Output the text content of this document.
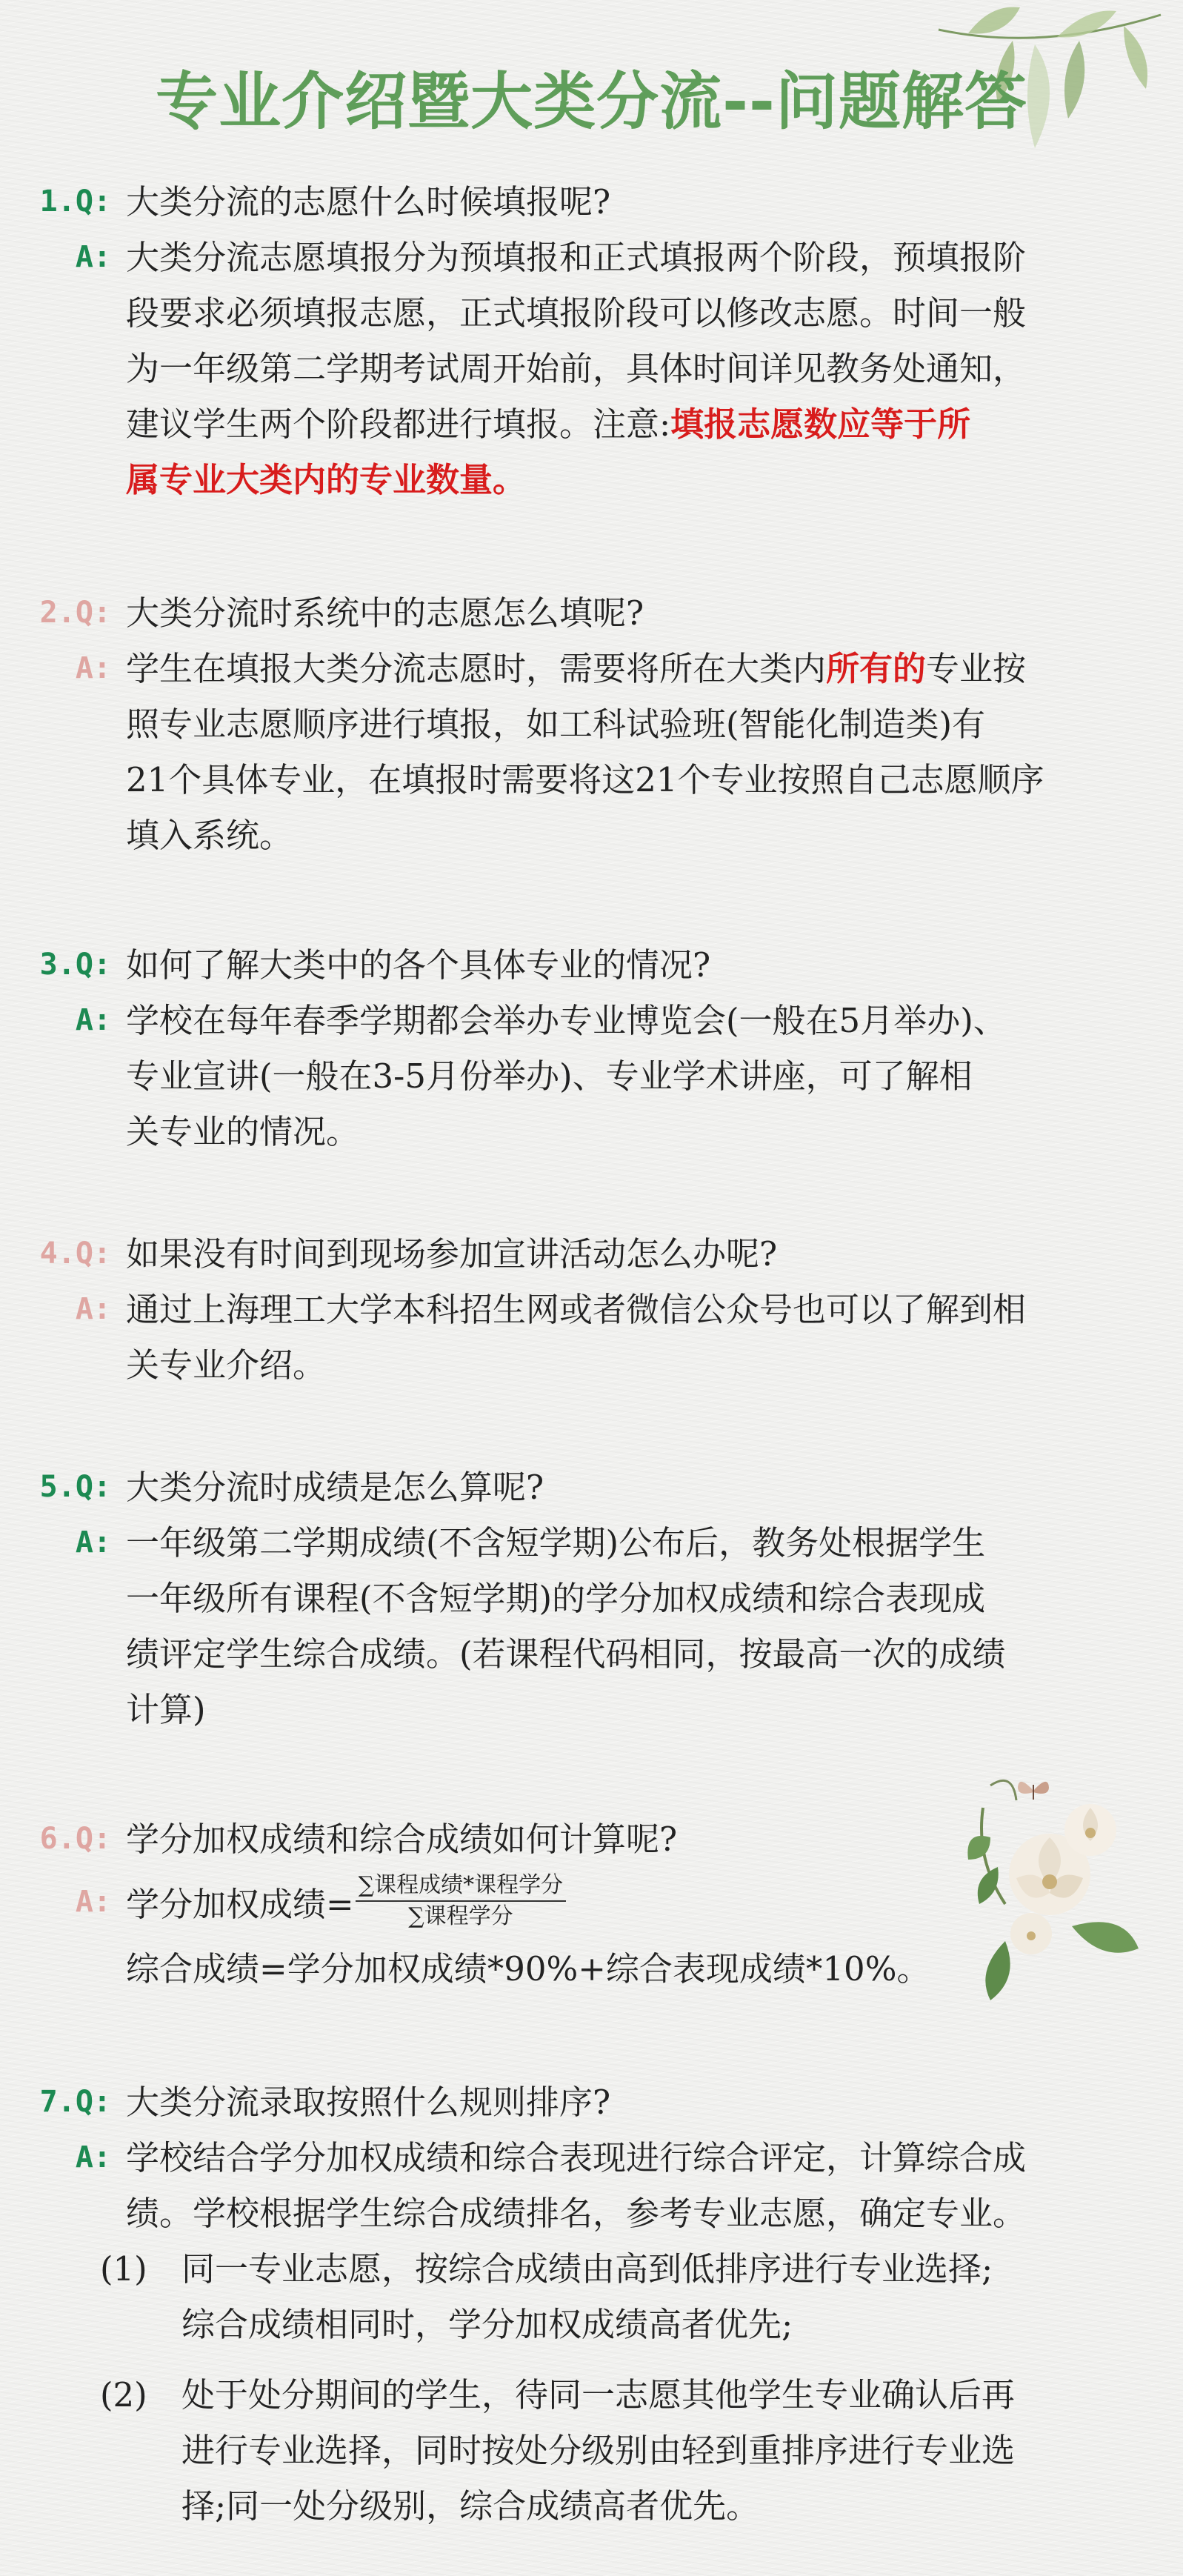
专业介绍暨大类分流--问题解答
1.Q: 大类分流的志愿什么时候填报呢?
A: 大类分流志愿填报分为预填报和正式填报两个阶段，预填报阶
段要求必须填报志愿，正式填报阶段可以修改志愿。时间一般
为一年级第二学期考试周开始前，具体时间详见教务处通知，
建议学生两个阶段都进行填报。注意:填报志愿数应等于所
属专业大类内的专业数量。
2.Q: 大类分流时系统中的志愿怎么填呢?
A: 学生在填报大类分流志愿时，需要将所在大类内所有的专业按
照专业志愿顺序进行填报，如工科试验班(智能化制造类)有
21个具体专业，在填报时需要将这21个专业按照自己志愿顺序
填入系统。
3.Q: 如何了解大类中的各个具体专业的情况?
A: 学校在每年春季学期都会举办专业博览会(一般在5月举办)、
专业宣讲(一般在3-5月份举办)、专业学术讲座，可了解相
关专业的情况。
4.Q: 如果没有时间到现场参加宣讲活动怎么办呢?
A: 通过上海理工大学本科招生网或者微信公众号也可以了解到相
关专业介绍。
5.Q: 大类分流时成绩是怎么算呢?
A: 一年级第二学期成绩(不含短学期)公布后，教务处根据学生
一年级所有课程(不含短学期)的学分加权成绩和综合表现成
绩评定学生综合成绩。(若课程代码相同，按最高一次的成绩
计算)
6.Q: 学分加权成绩和综合成绩如何计算呢?
A: 学分加权成绩= $\frac{\text{∑课程成绩*课程学分}}{\text{∑课程学分}}$
综合成绩=学分加权成绩*90%+综合表现成绩*10%。
7.Q: 大类分流录取按照什么规则排序?
A: 学校结合学分加权成绩和综合表现进行综合评定，计算综合成
绩。学校根据学生综合成绩排名，参考专业志愿，确定专业。
(1) 同一专业志愿，按综合成绩由高到低排序进行专业选择;
综合成绩相同时，学分加权成绩高者优先;
(2) 处于处分期间的学生，待同一志愿其他学生专业确认后再
进行专业选择，同时按处分级别由轻到重排序进行专业选
择;同一处分级别，综合成绩高者优先。
